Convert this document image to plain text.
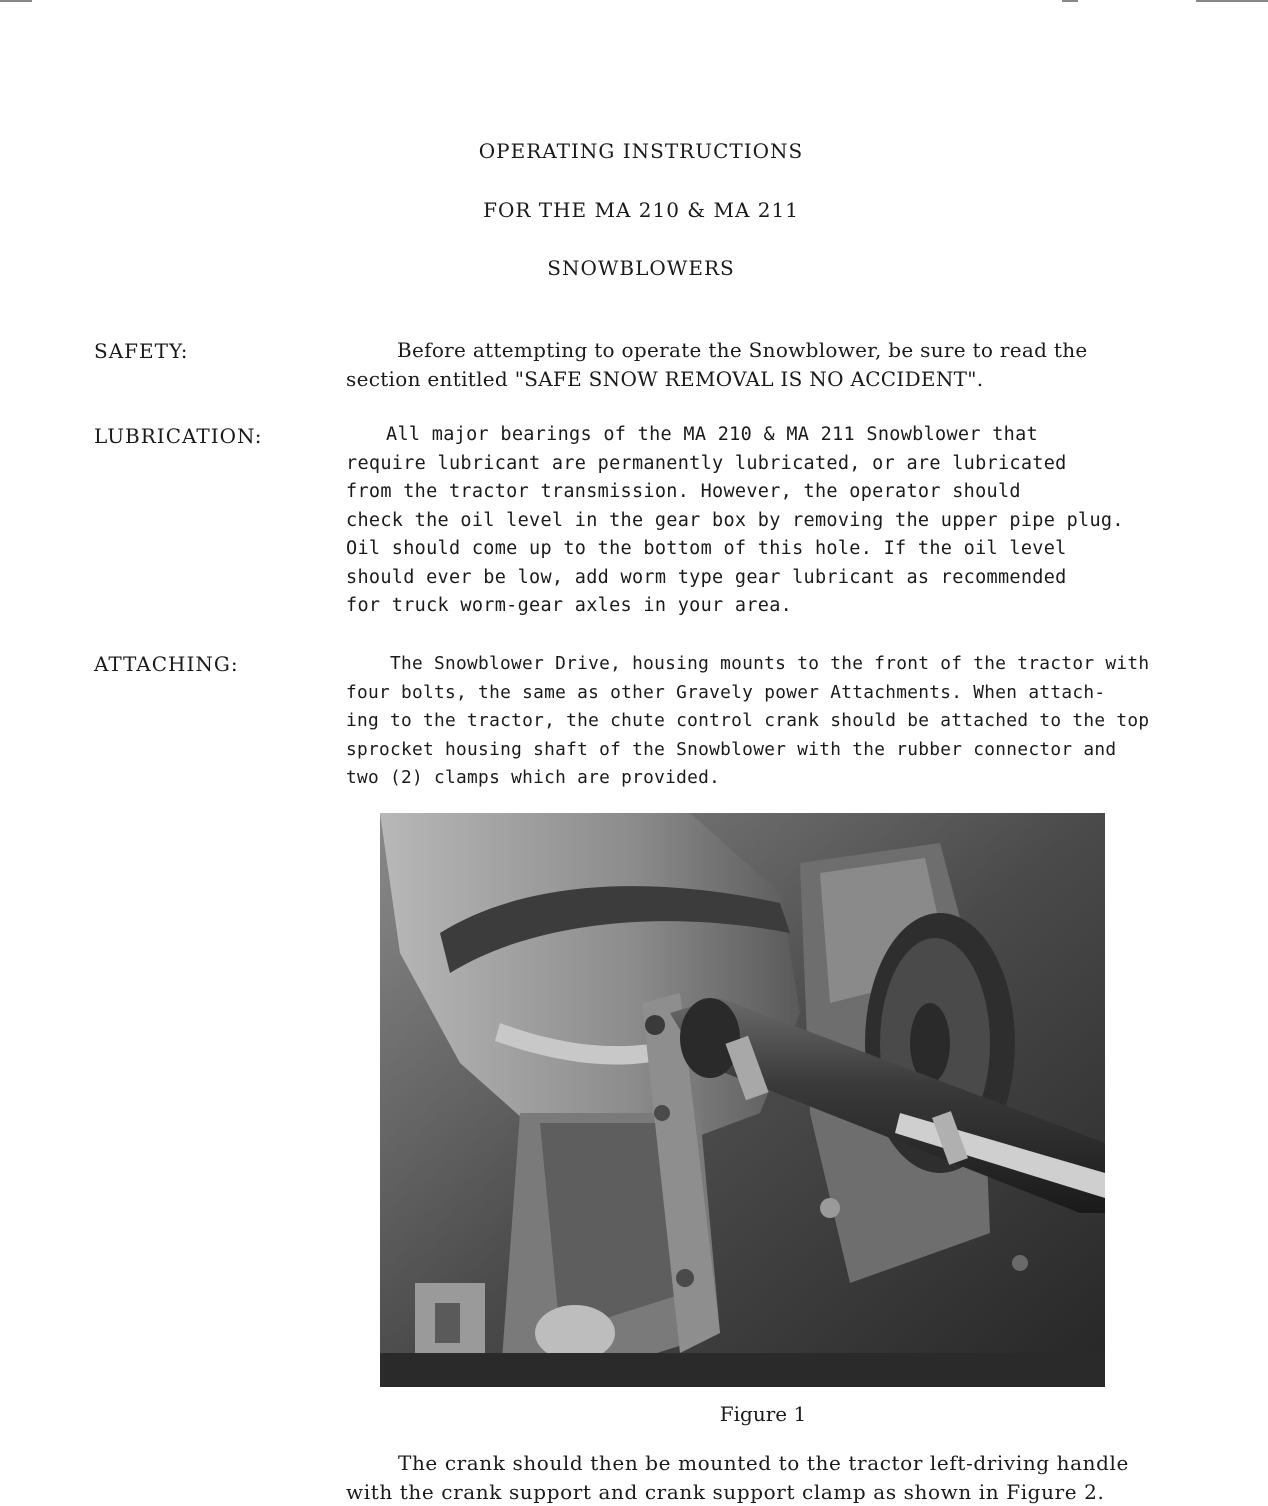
OPERATING INSTRUCTIONS
FOR THE MA 210 & MA 211
SNOWBLOWERS
SAFETY:	Before attempting to operate the Snowblower, be sure to read the
section entitled "SAFE SNOW REMOVAL IS NO ACCIDENT".
LUBRICATION:	All major bearings of the MA 210 & MA 211 Snowblower that
require lubricant are permanently lubricated, or are lubricated
from the tractor transmission. However, the operator should
check the oil level in the gear box by removing the upper pipe plug.
Oil should come up to the bottom of this hole. If the oil level
should ever be low, add worm type gear lubricant as recommended
for truck worm-gear axles in your area.
ATTACHING:	The Snowblower Drive, housing mounts to the front of the tractor with
four bolts, the same as other Gravely power Attachments. When attach-
ing to the tractor, the chute control crank should be attached to the top
sprocket housing shaft of the Snowblower with the rubber connector and
two (2) clamps which are provided.
Figure 1
The crank should then be mounted to the tractor left-driving handle
with the crank support and crank support clamp as shown in Figure 2.
